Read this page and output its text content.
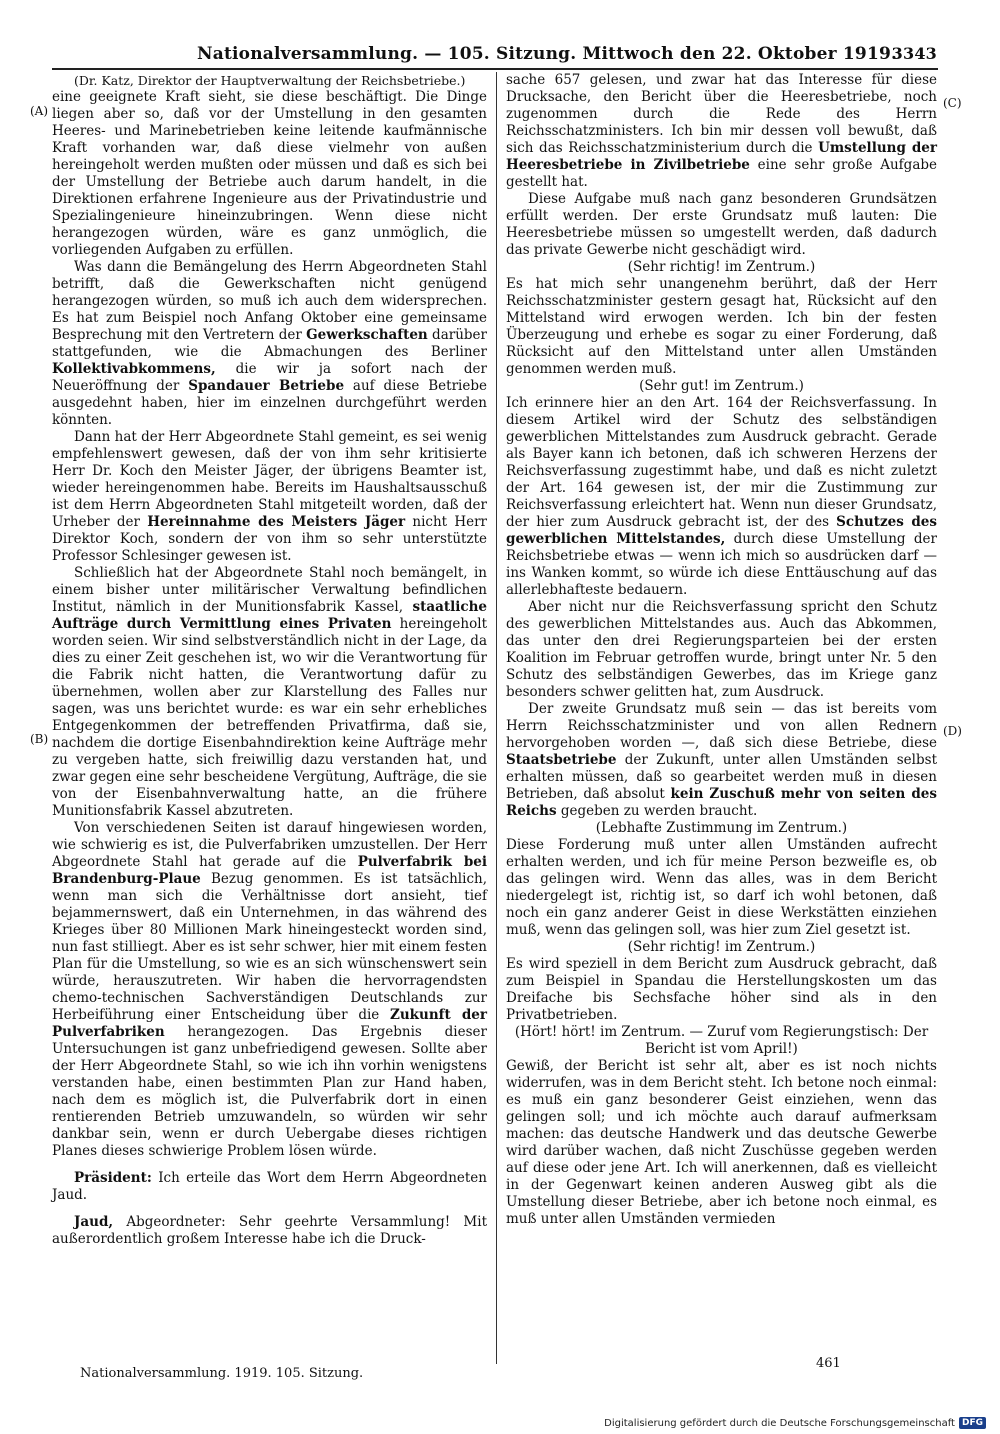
Nationalversammlung. — 105. Sitzung. Mittwoch den 22. Oktober 1919.
3343
(A)
(B)
(C)
(D)

(Dr. Katz, Direktor der Hauptverwaltung der Reichsbetriebe.)

eine geeignete Kraft sieht, sie diese beschäftigt. Die Dinge liegen aber so, daß vor der Umstellung in den gesamten Heeres- und Marinebetrieben keine leitende kaufmännische Kraft vorhanden war, daß diese vielmehr von außen hereingeholt werden mußten oder müssen und daß es sich bei der Umstellung der Betriebe auch darum handelt, in die Direktionen erfahrene Ingenieure aus der Privatindustrie und Spezialingenieure hineinzubringen. Wenn diese nicht herangezogen würden, wäre es ganz unmöglich, die vorliegenden Aufgaben zu erfüllen.

Was dann die Bemängelung des Herrn Abgeordneten Stahl betrifft, daß die Gewerkschaften nicht genügend herangezogen würden, so muß ich auch dem widersprechen. Es hat zum Beispiel noch Anfang Oktober eine gemeinsame Besprechung mit den Vertretern der Gewerkschaften darüber stattgefunden, wie die Abmachungen des Berliner Kollektivabkommens, die wir ja sofort nach der Neueröffnung der Spandauer Betriebe auf diese Betriebe ausgedehnt haben, hier im einzelnen durchgeführt werden könnten.

Dann hat der Herr Abgeordnete Stahl gemeint, es sei wenig empfehlenswert gewesen, daß der von ihm sehr kritisierte Herr Dr. Koch den Meister Jäger, der übrigens Beamter ist, wieder hereingenommen habe. Bereits im Haushaltsausschuß ist dem Herrn Abgeordneten Stahl mitgeteilt worden, daß der Urheber der Hereinnahme des Meisters Jäger nicht Herr Direktor Koch, sondern der von ihm so sehr unterstützte Professor Schlesinger gewesen ist.

Schließlich hat der Abgeordnete Stahl noch bemängelt, in einem bisher unter militärischer Verwaltung befindlichen Institut, nämlich in der Munitionsfabrik Kassel, staatliche Aufträge durch Vermittlung eines Privaten hereingeholt worden seien. Wir sind selbstverständlich nicht in der Lage, da dies zu einer Zeit geschehen ist, wo wir die Verantwortung für die Fabrik nicht hatten, die Verantwortung dafür zu übernehmen, wollen aber zur Klarstellung des Falles nur sagen, was uns berichtet wurde: es war ein sehr erhebliches Entgegenkommen der betreffenden Privatfirma, daß sie, nachdem die dortige Eisenbahndirektion keine Aufträge mehr zu vergeben hatte, sich freiwillig dazu verstanden hat, und zwar gegen eine sehr bescheidene Vergütung, Aufträge, die sie von der Eisenbahnverwaltung hatte, an die frühere Munitionsfabrik Kassel abzutreten.

Von verschiedenen Seiten ist darauf hingewiesen worden, wie schwierig es ist, die Pulverfabriken umzustellen. Der Herr Abgeordnete Stahl hat gerade auf die Pulverfabrik bei Brandenburg-Plaue Bezug genommen. Es ist tatsächlich, wenn man sich die Verhältnisse dort ansieht, tief bejammernswert, daß ein Unternehmen, in das während des Krieges über 80 Millionen Mark hineingesteckt worden sind, nun fast stilliegt. Aber es ist sehr schwer, hier mit einem festen Plan für die Umstellung, so wie es an sich wünschenswert sein würde, herauszutreten. Wir haben die hervorragendsten chemo-technischen Sachverständigen Deutschlands zur Herbeiführung einer Entscheidung über die Zukunft der Pulverfabriken herangezogen. Das Ergebnis dieser Untersuchungen ist ganz unbefriedigend gewesen. Sollte aber der Herr Abgeordnete Stahl, so wie ich ihn vorhin wenigstens verstanden habe, einen bestimmten Plan zur Hand haben, nach dem es möglich ist, die Pulverfabrik dort in einen rentierenden Betrieb umzuwandeln, so würden wir sehr dankbar sein, wenn er durch Uebergabe dieses richtigen Planes dieses schwierige Problem lösen würde.

Präsident: Ich erteile das Wort dem Herrn Abgeordneten Jaud.

Jaud, Abgeordneter: Sehr geehrte Versammlung! Mit außerordentlich großem Interesse habe ich die Druck-

sache 657 gelesen, und zwar hat das Interesse für diese Drucksache, den Bericht über die Heeresbetriebe, noch zugenommen durch die Rede des Herrn Reichsschatzministers. Ich bin mir dessen voll bewußt, daß sich das Reichsschatzministerium durch die Umstellung der Heeresbetriebe in Zivilbetriebe eine sehr große Aufgabe gestellt hat.

Diese Aufgabe muß nach ganz besonderen Grundsätzen erfüllt werden. Der erste Grundsatz muß lauten: Die Heeresbetriebe müssen so umgestellt werden, daß dadurch das private Gewerbe nicht geschädigt wird.

(Sehr richtig! im Zentrum.)

Es hat mich sehr unangenehm berührt, daß der Herr Reichsschatzminister gestern gesagt hat, Rücksicht auf den Mittelstand wird erwogen werden. Ich bin der festen Überzeugung und erhebe es sogar zu einer Forderung, daß Rücksicht auf den Mittelstand unter allen Umständen genommen werden muß.

(Sehr gut! im Zentrum.)

Ich erinnere hier an den Art. 164 der Reichsverfassung. In diesem Artikel wird der Schutz des selbständigen gewerblichen Mittelstandes zum Ausdruck gebracht. Gerade als Bayer kann ich betonen, daß ich schweren Herzens der Reichsverfassung zugestimmt habe, und daß es nicht zuletzt der Art. 164 gewesen ist, der mir die Zustimmung zur Reichsverfassung erleichtert hat. Wenn nun dieser Grundsatz, der hier zum Ausdruck gebracht ist, der des Schutzes des gewerblichen Mittelstandes, durch diese Umstellung der Reichsbetriebe etwas — wenn ich mich so ausdrücken darf — ins Wanken kommt, so würde ich diese Enttäuschung auf das allerlebhafteste bedauern.

Aber nicht nur die Reichsverfassung spricht den Schutz des gewerblichen Mittelstandes aus. Auch das Abkommen, das unter den drei Regierungsparteien bei der ersten Koalition im Februar getroffen wurde, bringt unter Nr. 5 den Schutz des selbständigen Gewerbes, das im Kriege ganz besonders schwer gelitten hat, zum Ausdruck.

Der zweite Grundsatz muß sein — das ist bereits vom Herrn Reichsschatzminister und von allen Rednern hervorgehoben worden —, daß sich diese Betriebe, diese Staatsbetriebe der Zukunft, unter allen Umständen selbst erhalten müssen, daß so gearbeitet werden muß in diesen Betrieben, daß absolut kein Zuschuß mehr von seiten des Reichs gegeben zu werden braucht.

(Lebhafte Zustimmung im Zentrum.)

Diese Forderung muß unter allen Umständen aufrecht erhalten werden, und ich für meine Person bezweifle es, ob das gelingen wird. Wenn das alles, was in dem Bericht niedergelegt ist, richtig ist, so darf ich wohl betonen, daß noch ein ganz anderer Geist in diese Werkstätten einziehen muß, wenn das gelingen soll, was hier zum Ziel gesetzt ist.

(Sehr richtig! im Zentrum.)

Es wird speziell in dem Bericht zum Ausdruck gebracht, daß zum Beispiel in Spandau die Herstellungskosten um das Dreifache bis Sechsfache höher sind als in den Privatbetrieben.

(Hört! hört! im Zentrum. — Zuruf vom Regierungstisch: Der Bericht ist vom April!)

Gewiß, der Bericht ist sehr alt, aber es ist noch nichts widerrufen, was in dem Bericht steht. Ich betone noch einmal: es muß ein ganz besonderer Geist einziehen, wenn das gelingen soll; und ich möchte auch darauf aufmerksam machen: das deutsche Handwerk und das deutsche Gewerbe wird darüber wachen, daß nicht Zuschüsse gegeben werden auf diese oder jene Art. Ich will anerkennen, daß es vielleicht in der Gegenwart keinen anderen Ausweg gibt als die Umstellung dieser Betriebe, aber ich betone noch einmal, es muß unter allen Umständen vermieden

Nationalversammlung. 1919. 105. Sitzung.
461
Digitalisierung gefördert durch die Deutsche Forschungsgemeinschaft DFG
